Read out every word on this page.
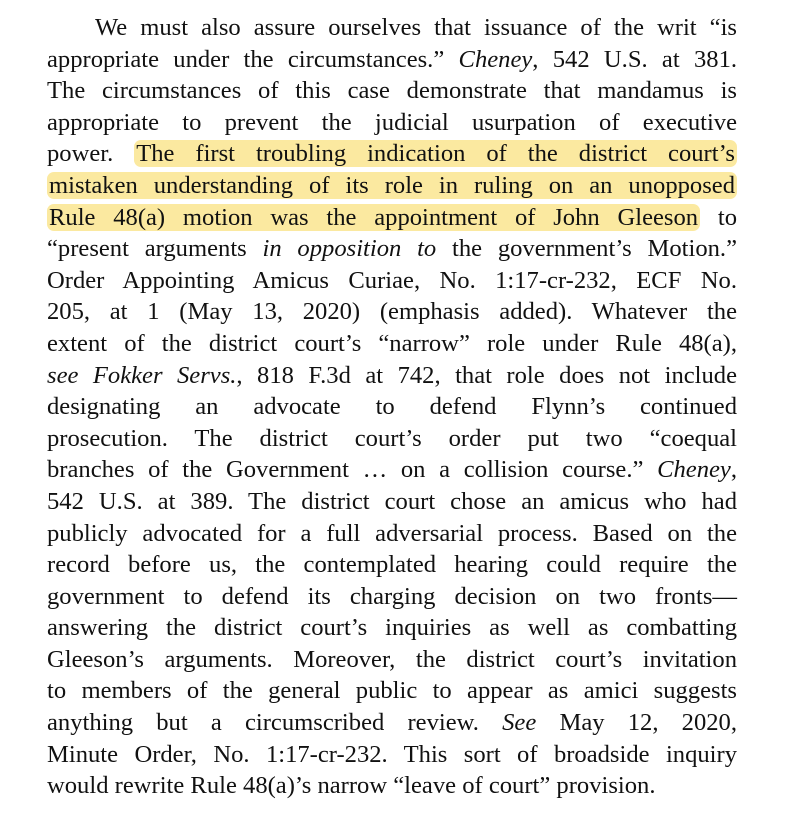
We must also assure ourselves that issuance of the writ “is
appropriate under the circumstances.” Cheney, 542 U.S. at 381.
The circumstances of this case demonstrate that mandamus is
appropriate to prevent the judicial usurpation of executive
power. The first troubling indication of the district court’s
mistaken understanding of its role in ruling on an unopposed
Rule 48(a) motion was the appointment of John Gleeson to
“present arguments in opposition to the government’s Motion.”
Order Appointing Amicus Curiae, No. 1:17-cr-232, ECF No.
205, at 1 (May 13, 2020) (emphasis added). Whatever the
extent of the district court’s “narrow” role under Rule 48(a),
see Fokker Servs., 818 F.3d at 742, that role does not include
designating an advocate to defend Flynn’s continued
prosecution. The district court’s order put two “coequal
branches of the Government … on a collision course.” Cheney,
542 U.S. at 389. The district court chose an amicus who had
publicly advocated for a full adversarial process. Based on the
record before us, the contemplated hearing could require the
government to defend its charging decision on two fronts—
answering the district court’s inquiries as well as combatting
Gleeson’s arguments. Moreover, the district court’s invitation
to members of the general public to appear as amici suggests
anything but a circumscribed review. See May 12, 2020,
Minute Order, No. 1:17-cr-232. This sort of broadside inquiry
would rewrite Rule 48(a)’s narrow “leave of court” provision.
